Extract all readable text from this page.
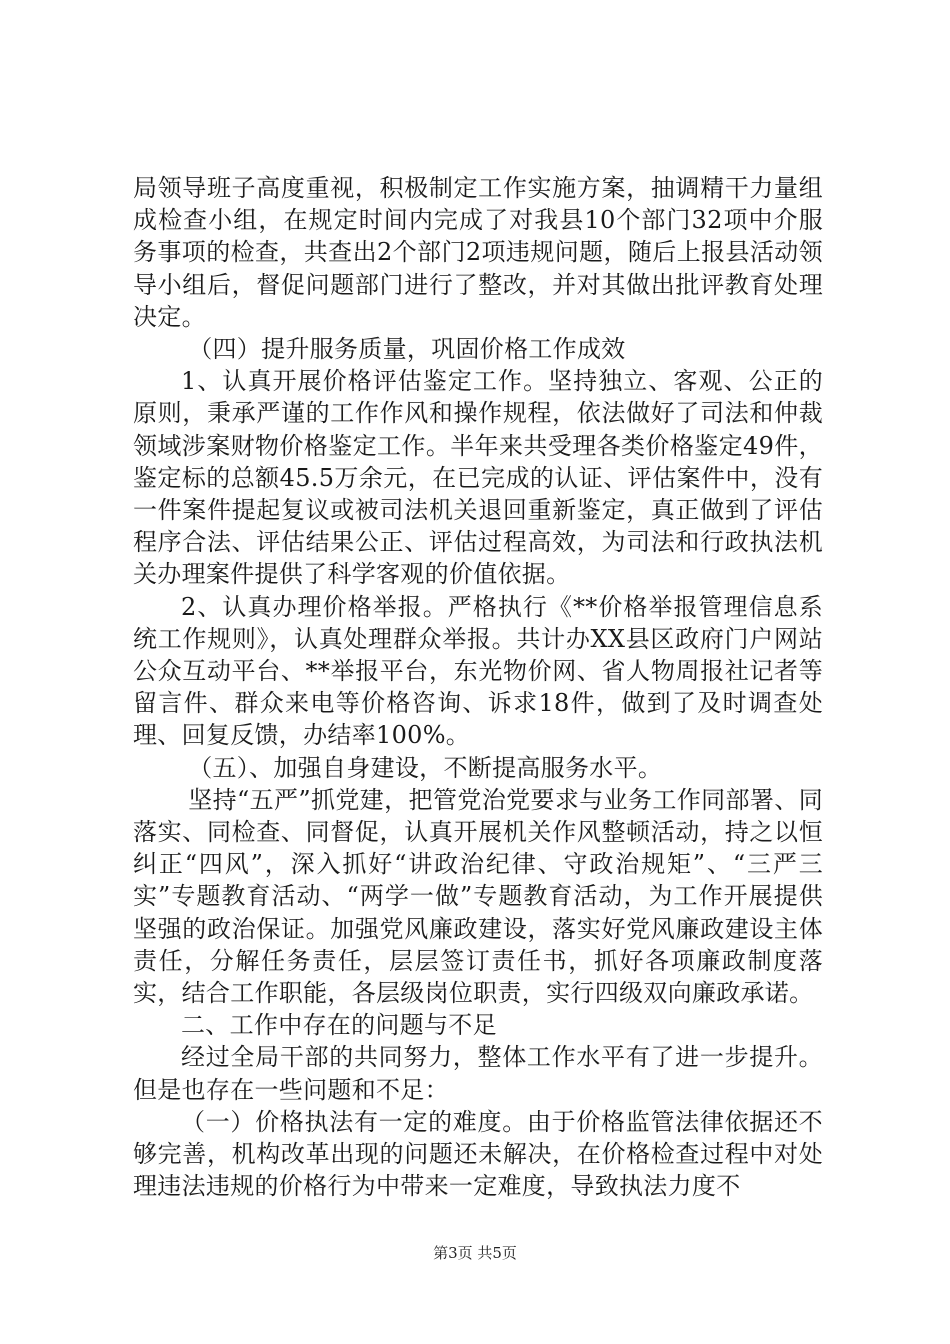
局领导班子高度重视，积极制定工作实施方案，抽调精干力量组成检查小组，在规定时间内完成了对我县10个部门32项中介服务事项的检查，共查出2个部门2项违规问题，随后上报县活动领导小组后，督促问题部门进行了整改，并对其做出批评教育处理决定。

（四）提升服务质量，巩固价格工作成效

1、认真开展价格评估鉴定工作。坚持独立、客观、公正的原则，秉承严谨的工作作风和操作规程，依法做好了司法和仲裁领域涉案财物价格鉴定工作。半年来共受理各类价格鉴定49件，鉴定标的总额45.5万余元，在已完成的认证、评估案件中，没有一件案件提起复议或被司法机关退回重新鉴定，真正做到了评估程序合法、评估结果公正、评估过程高效，为司法和行政执法机关办理案件提供了科学客观的价值依据。

2、认真办理价格举报。严格执行《**价格举报管理信息系统工作规则》，认真处理群众举报。共计办XX县区政府门户网站公众互动平台、**举报平台，东光物价网、省人物周报社记者等留言件、群众来电等价格咨询、诉求18件，做到了及时调查处理、回复反馈，办结率100%。

（五）、加强自身建设，不断提高服务水平。

坚持“五严”抓党建，把管党治党要求与业务工作同部署、同落实、同检查、同督促，认真开展机关作风整顿活动，持之以恒纠正“四风”，深入抓好“讲政治纪律、守政治规矩”、“三严三实”专题教育活动、“两学一做”专题教育活动，为工作开展提供坚强的政治保证。加强党风廉政建设，落实好党风廉政建设主体责任，分解任务责任，层层签订责任书，抓好各项廉政制度落实，结合工作职能，各层级岗位职责，实行四级双向廉政承诺。

二、工作中存在的问题与不足

经过全局干部的共同努力，整体工作水平有了进一步提升。但是也存在一些问题和不足：

（一）价格执法有一定的难度。由于价格监管法律依据还不够完善，机构改革出现的问题还未解决，在价格检查过程中对处理违法违规的价格行为中带来一定难度，导致执法力度不

第3页 共5页
